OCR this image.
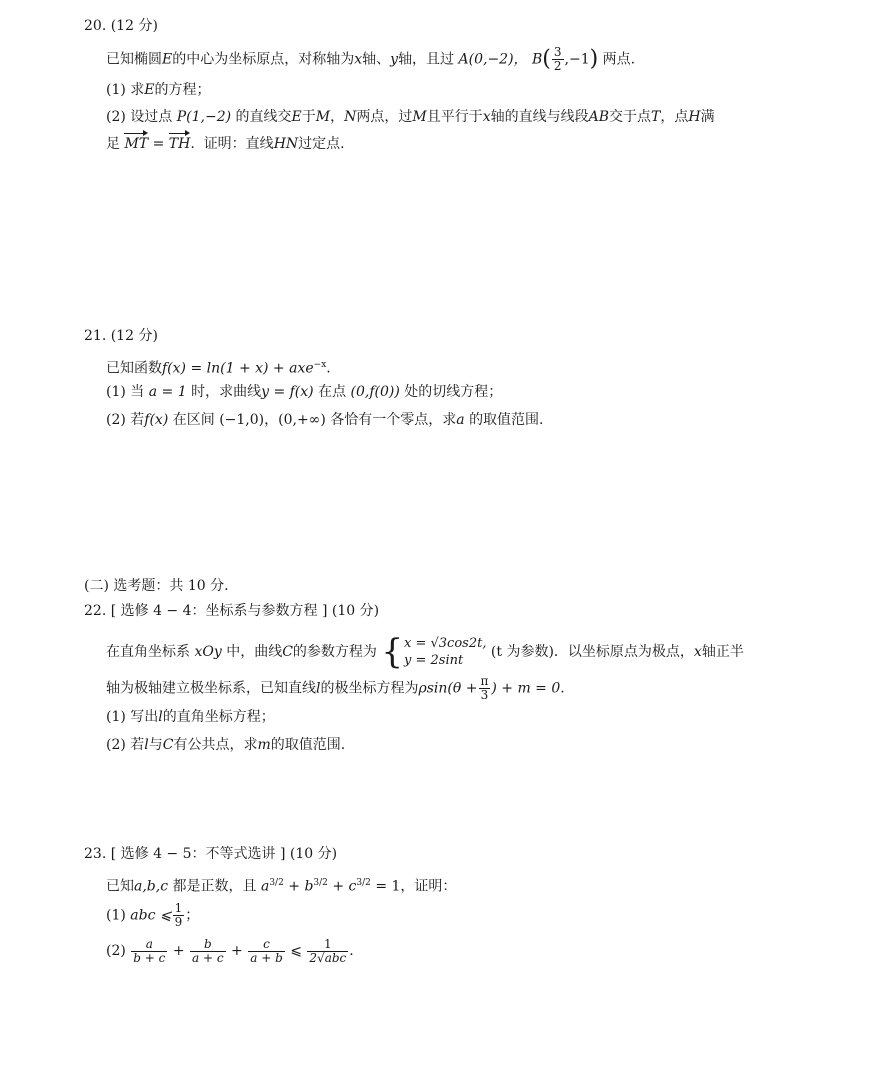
20. (12 分)
已知椭圆E的中心为坐标原点，对称轴为x轴、y轴，且过 A(0,−2)， $B( \frac{3}{2} ,-1)$ 两点.
(1) 求E的方程；
(2) 设过点 P(1,−2) 的直线交E于M，N两点，过M且平行于x轴的直线与线段AB交于点T，点H满
足 MT = TH.  证明：直线HN过定点.
21. (12 分)
已知函数f(x) = ln(1 + x) + axe$^{-x}$.
(1) 当 a = 1 时，求曲线y = f(x) 在点 (0,f(0)) 处的切线方程；
(2) 若f(x) 在区间 (−1,0)，(0,+∞) 各恰有一个零点，求a 的取值范围.
(二) 选考题：共 10 分.
22. [ 选修 4 − 4：坐标系与参数方程 ] (10 分)
在直角坐标系 xOy 中，曲线C的参数方程为 { x = √3cos2t,
y = 2sint
(t 为参数)．以坐标原点为极点，x轴正半
轴为极轴建立极坐标系，已知直线l的极坐标方程为$\rho\sin(\theta + \frac{\pi}{3}$ ) + m = 0.
(1) 写出l的直角坐标方程；
(2) 若l与C有公共点，求m的取值范围.
23. [ 选修 4 − 5：不等式选讲 ] (10 分)
已知a,b,c 都是正数，且 $a^{3/2} + b^{3/2} + c^{3/2} = 1$，证明：
(1) abc ⩽ $\frac{1}{9}$ ；
$(2) \frac{a}{b + c} + \frac{b}{a + c} + \frac{c}{a + b}$ ⩽ $\frac{1}{\text{2√abc}}$ .
